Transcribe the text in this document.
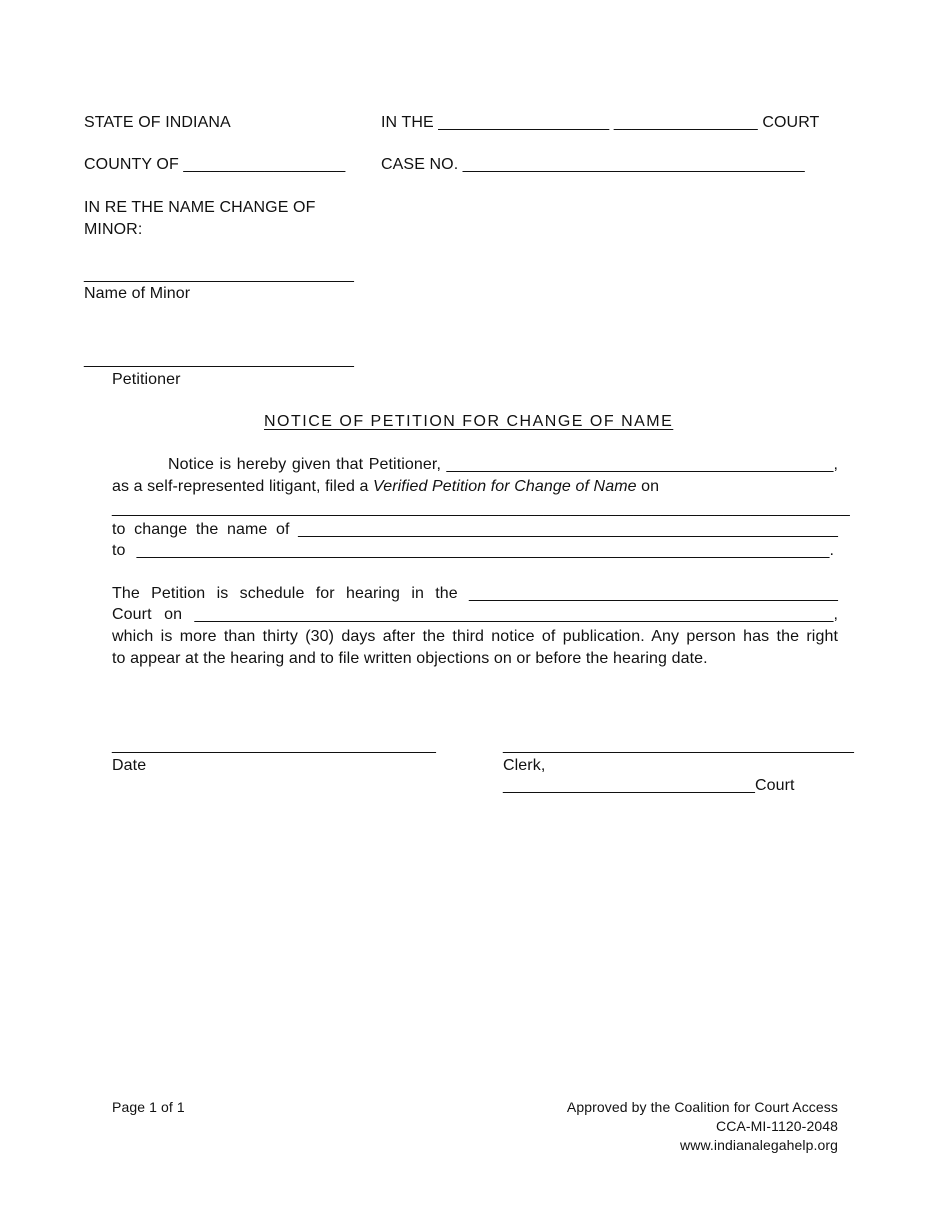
STATE OF INDIANA	IN THE ___________________ ________________ COURT
COUNTY OF __________________ CASE NO. ______________________________________
IN RE THE NAME CHANGE OF
MINOR:
______________________________
Name of Minor
______________________________
Petitioner
NOTICE OF PETITION FOR CHANGE OF NAME
Notice is hereby given that Petitioner, ___________________________________________,
as a self-represented litigant, filed a Verified Petition for Change of Name on
__________________________________________________________________________________
to change the name of ____________________________________________________________
to _____________________________________________________________________________.
The Petition is schedule for hearing in the _________________________________________
Court on _______________________________________________________________________,
which is more than thirty (30) days after the third notice of publication. Any person has the right
to appear at the hearing and to file written objections on or before the hearing date.
____________________________________
Date
_______________________________________
Clerk, ____________________________Court
Page 1 of 1	Approved by the Coalition for Court Access
CCA-MI-1120-2048
www.indianalegahelp.org
